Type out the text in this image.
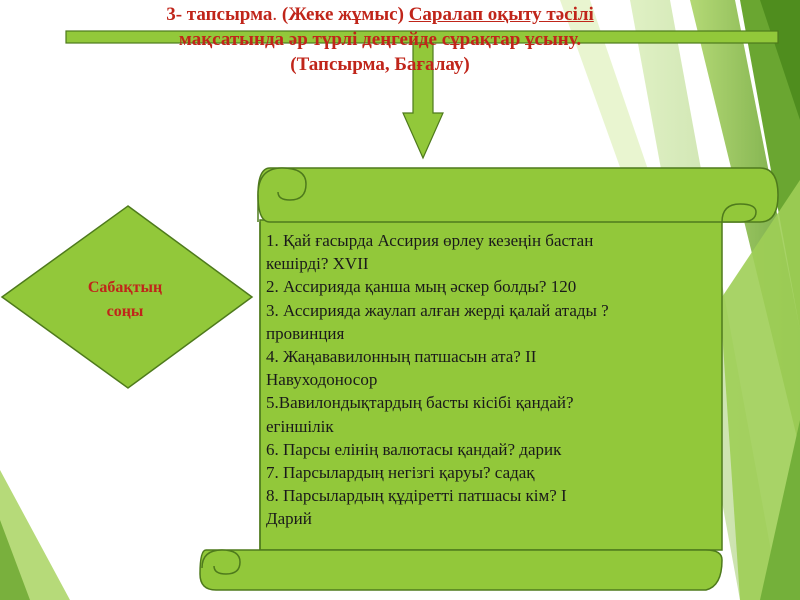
3- тапсырма. (Жеке жұмыс) Саралап оқыту тәсілі
мақсатында әр түрлі деңгейде сұрақтар ұсыну.
(Тапсырма, Бағалау)
Сабақтың
соңы
1. Қай ғасырда Ассирия өрлеу кезеңін бастан
кешірді? XVII
2. Ассирияда қанша мың әскер болды? 120
3. Ассирияда жаулап алған жерді қалай атады ?
провинция
4. Жаңававилонның патшасын ата? II
Навуходоносор
5.Вавилондықтардың басты кісібі қандай?
егіншілік
6. Парсы елінің валютасы қандай? дарик
7. Парсылардың негізгі қаруы? садақ
8. Парсылардың құдіретті патшасы кім? І
Дарий
